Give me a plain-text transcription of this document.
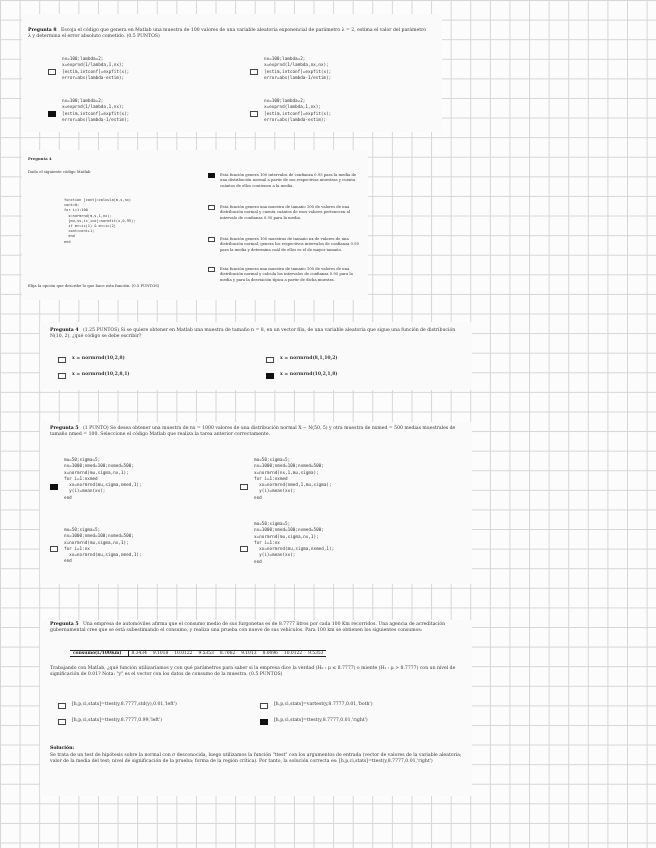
Pregunta 8 Escoja el código que genera en Matlab una muestra de 100 valores de una variable aleatoria exponencial de parámetro λ = 2, estima el valor del parámetro λ y determina el error absoluto cometido. (0.5 PUNTOS)
nx=100;lambda=2;
x=exprnd(1/lambda,1,nx);
[estim,intconf]=expfit(x);
error=abs(lambda-estim);
nx=100;lambda=2;
x=exprnd(1/lambda,nx,nx);
[estim,intconf]=expfit(x);
error=abs(lambda-1/estim);
nx=100;lambda=2;
x=exprnd(1/lambda,1,nx);
[estim,intconf]=expfit(x);
error=abs(lambda-1/estim);
nx=100;lambda=2;
x=exprnd(lambda,1,nx);
[estim,intconf]=expfit(x);
error=abs(lambda-estim);
Pregunta 4
Dado el siguiente código Matlab
function [cont]=calcula(m,s,nx)
cont=0;
for i=1:100
x=normrnd(m,s,1,nx);
[mu,ss,ic_ico]=normfit(x,0.95);
if m>=ic(1) & m<=ic(2)
cont=cont+1;
end
end
Elija la opción que describe lo que hace esta función. (0.5 PUNTOS)
Esta función genera 100 intervalos de confianza 0.95 para la media de una distribución normal a partir de sus respectivas muestras y cuenta cuántos de ellos contienen a la media.
Esta función genera una muestra de tamaño 100 de valores de una distribución normal y cuenta cuántos de esos valores pertenecen al intervalo de confianza 0.95 para la media.
Esta función genera 100 muestras de tamaño nx de valores de una distribución normal, genera los respectivos intervalos de confianza 0.95 para la media y determina cuál de ellos es el de mayor tamaño.
Esta función genera una muestra de tamaño 100 de valores de una distribución normal y calcula los intervalos de confianza 0.95 para la media y para la desviación típica a partir de dicha muestra.
Pregunta 4 (1.25 PUNTOS) Si se quiere obtener en Matlab una muestra de tamaño n = 8, en un vector fila, de una variable aleatoria que sigue una función de distribución N(10, 2), ¿qué código se debe escribir?
x = normrnd(10,2,8)	x = normrnd(8,1,10,2)
x = normrnd(10,2,8,1)	x = normrnd(10,2,1,8)
Pregunta 5 (1 PUNTO) Se desea obtener una muestra de nx = 1000 valores de una distribución normal X ∼ N(50, 5) y otra muestra de nxmed = 500 medias muestrales de tamaño nmed = 100. Seleccione el código Matlab que realiza la tarea anterior correctamente.
mu=50;sigma=5;
nx=1000;nmed=100;nxmed=500;
x=normrnd(mu,sigma,nx,1);
for i=1:nxmed
xx=normrnd(mu,sigma,nmed,1);
y(i)=mean(xx);
end
mu=50;sigma=5;
nx=1000;nmed=100;nxmed=500;
x=normrnd(nx,1,mu,sigma);
for i=1:nxmed
xx=normrnd(nmed,1,mu,sigma);
y(i)=mean(xx);
end
mu=50;sigma=5;
nx=1000;nmed=100;nxmed=500;
x=normrnd(mu,sigma,nx,1);
for i=1:nx
xx=normrnd(mu,sigma,nmed,1);
end
mu=50;sigma=5;
nx=1000;nmed=100;nxmed=500;
x=normrnd(mu,sigma,nx,1);
for i=1:nx
xx=normrnd(mu,sigma,nxmed,1);
y(i)=mean(xx);
end
Pregunta 5 Una empresa de automóviles afirma que el consumo medio de sus furgonetas es de 8.7777 litros por cada 100 Km recorridos. Una agencia de acreditación gubernamental cree que se está subestimando el consumo, y realiza una prueba con nueve de sus vehículos. Para 100 km se obtienen los siguientes consumos:
consumo(L/100Km)	8.3434	9.1018	10.0122	9.5353	8.7062	9.1013	8.0096	10.0122	9.5353
Trabajando con Matlab, ¿qué función utilizaríamos y con qué parámetros para saber si la empresa dice la verdad (H₀ : μ ≤ 8.7777) o miente (H₁ : μ > 8.7777) con un nivel de significación de 0.01? Nota: "y" es el vector con los datos de consumo de la muestra. (0.5 PUNTOS)
[h,p,ci,stats]=ttest(y,8.7777,std(y),0.01,'left')	[h,p,ci,stats]=vartest(y,8.7777,0.01,'both')
[h,p,ci,stats]=ttest(y,8.7777,0.99,'left')	[h,p,ci,stats]=ttest(y,8.7777,0.01,'right')
Solución:
Se trata de un test de hipótesis sobre la normal con σ desconocida, luego utilizamos la función "ttest" con los argumentos de entrada (vector de valores de la variable aleatoria; valor de la media del test; nivel de significación de la prueba; forma de la región crítica). Por tanto, la solución correcta es: [h,p,ci,stats]=ttest(y,8.7777,0.01,'right')
